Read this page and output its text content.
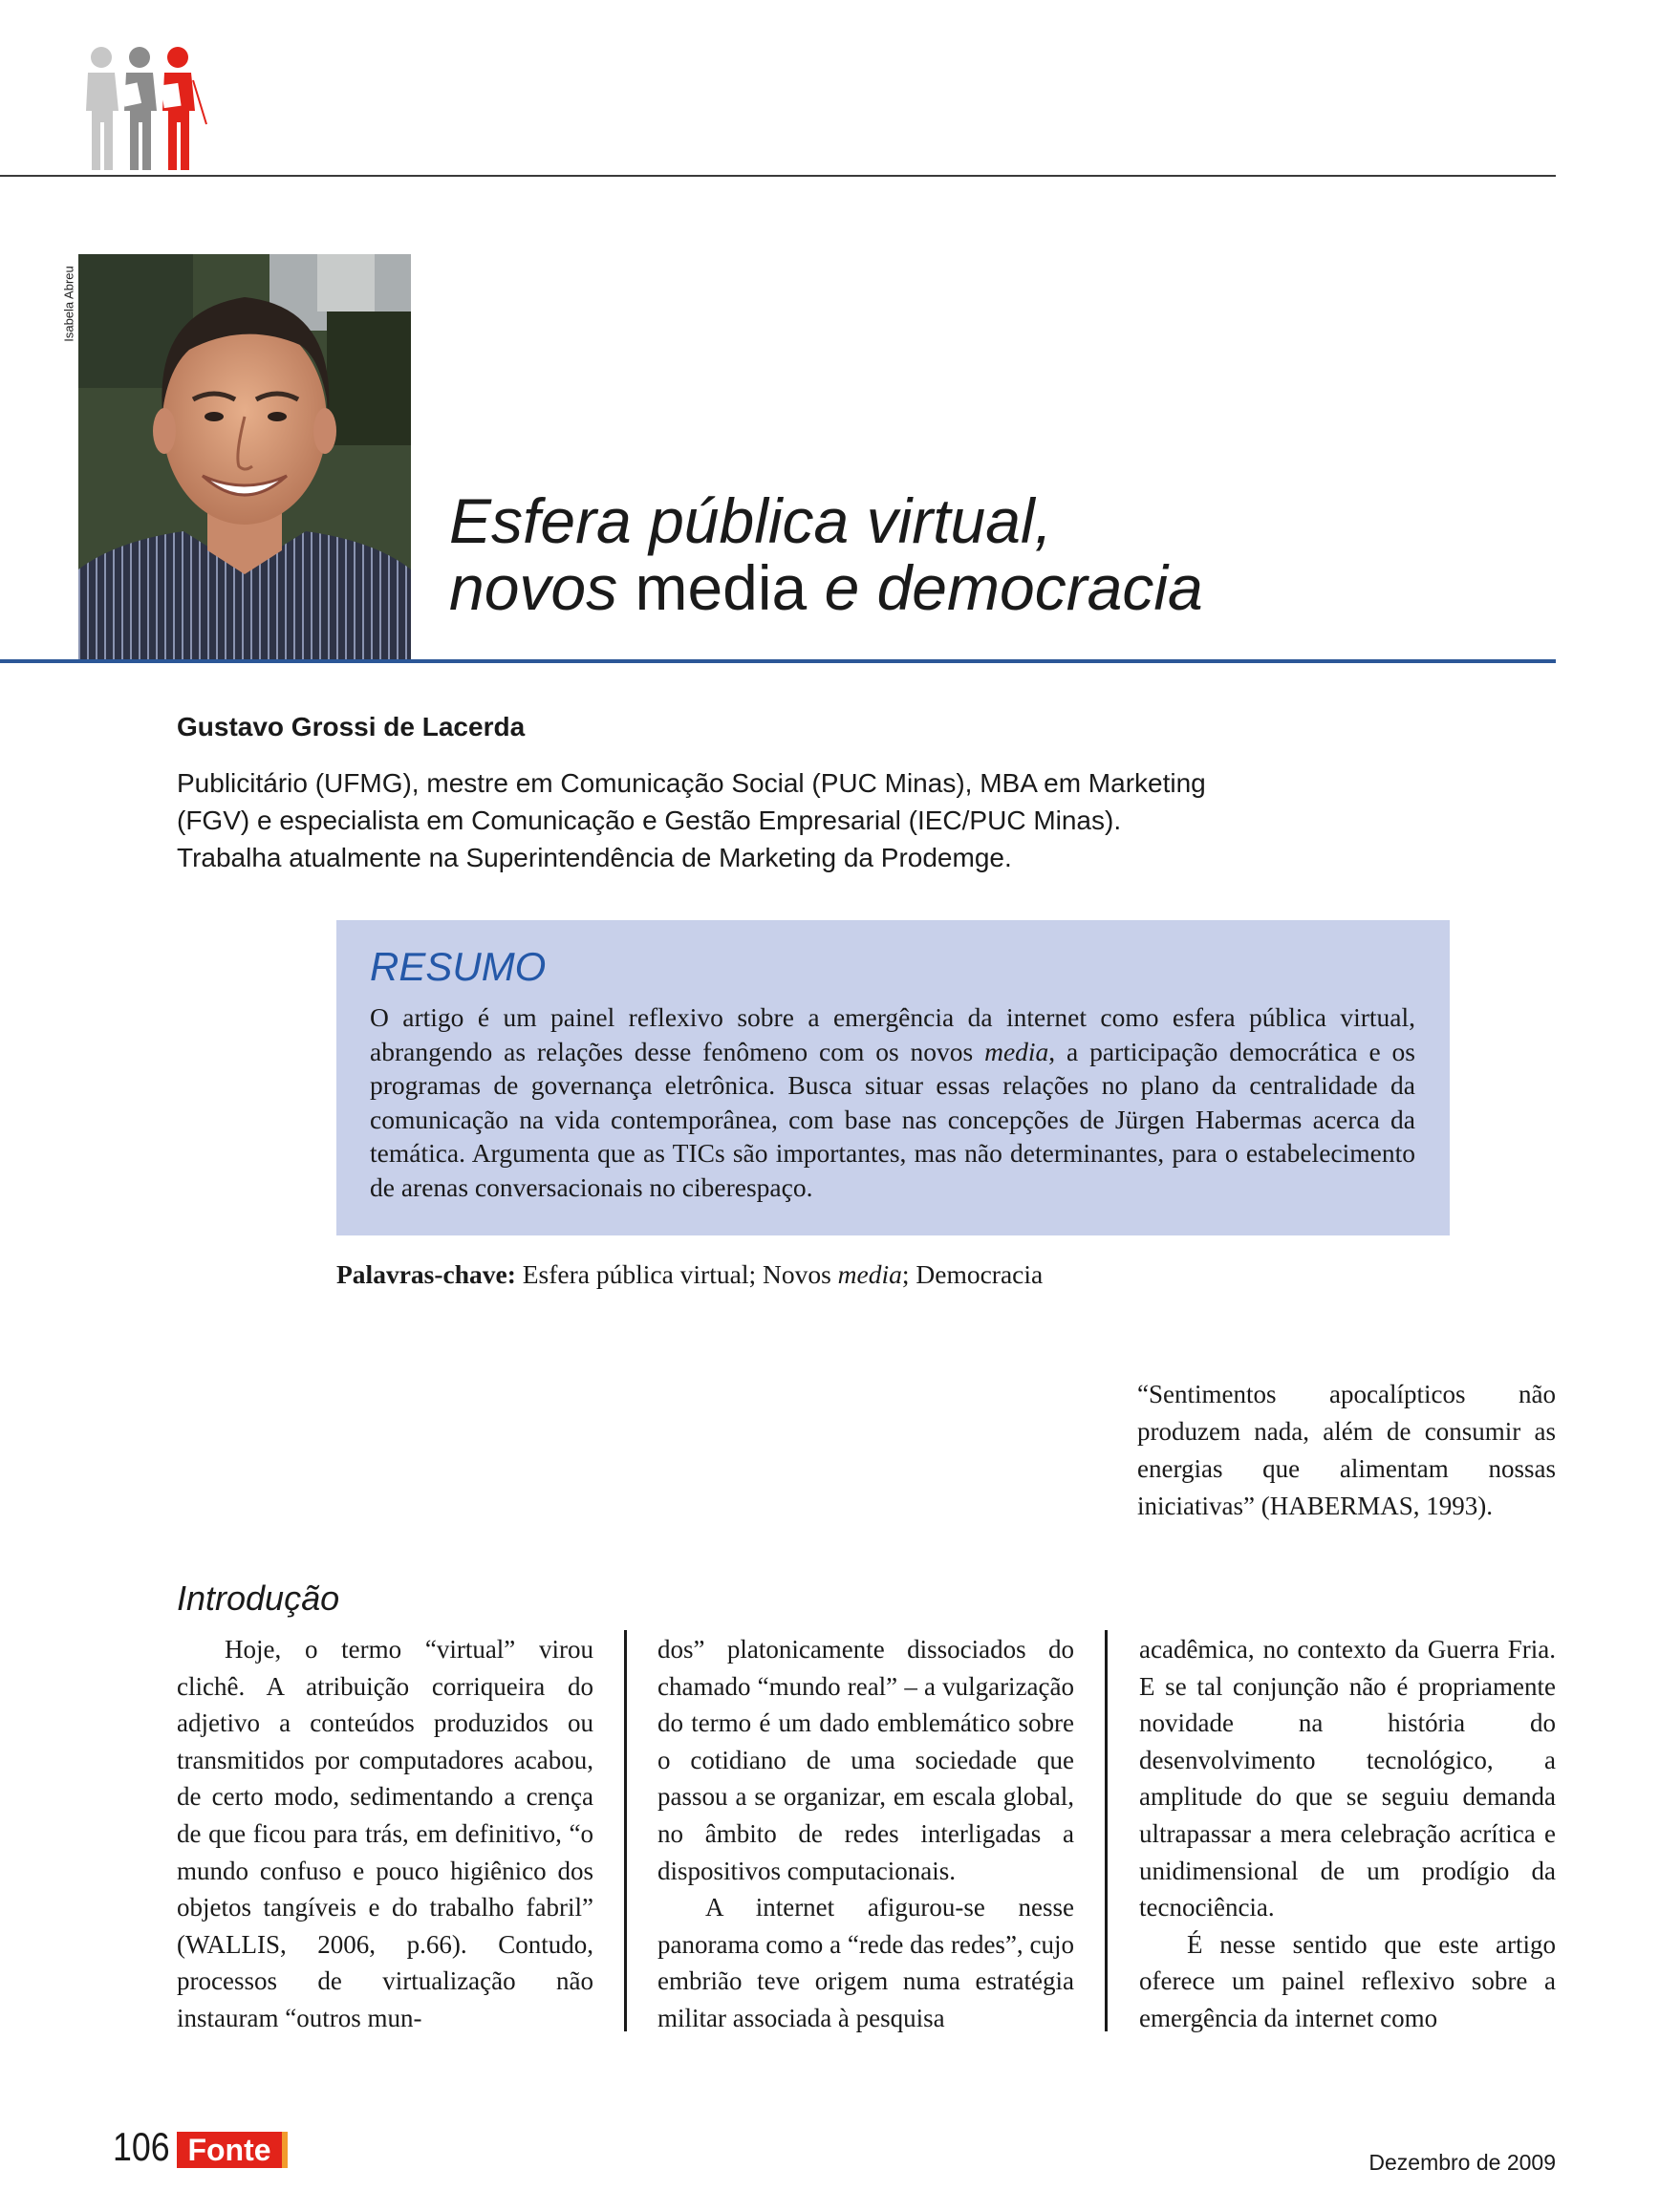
Isabela Abreu
Esfera pública virtual,
novos media e democracia
Gustavo Grossi de Lacerda
Publicitário (UFMG), mestre em Comunicação Social (PUC Minas), MBA em Marketing
(FGV) e especialista em Comunicação e Gestão Empresarial (IEC/PUC Minas).
Trabalha atualmente na Superintendência de Marketing da Prodemge.
RESUMO

O artigo é um painel reflexivo sobre a emergência da internet como esfera pública virtual, abrangendo as relações desse fenômeno com os novos media, a participação democrática e os programas de governança eletrônica. Busca situar essas relações no plano da centralidade da comunicação na vida contemporânea, com base nas concepções de Jürgen Habermas acerca da temática. Argumenta que as TICs são importantes, mas não determinantes, para o estabelecimento de arenas conversacionais no ciberespaço.

Palavras-chave: Esfera pública virtual; Novos media; Democracia
“Sentimentos apocalípticos não produzem nada, além de consumir as energias que alimentam nossas iniciativas” (HABERMAS, 1993).
Introdução

Hoje, o termo “virtual” virou clichê. A atribuição corriqueira do adjetivo a conteúdos produzidos ou transmitidos por computadores acabou, de certo modo, sedimentando a crença de que ficou para trás, em definitivo, “o mundo confuso e pouco higiênico dos objetos tangíveis e do trabalho fabril” (WALLIS, 2006, p.66). Contudo, processos de virtualização não instauram “outros mun-

dos” platonicamente dissociados do chamado “mundo real” – a vulgarização do termo é um dado emblemático sobre o cotidiano de uma sociedade que passou a se organizar, em escala global, no âmbito de redes interligadas a dispositivos computacionais.

A internet afigurou-se nesse panorama como a “rede das redes”, cujo embrião teve origem numa estratégia militar associada à pesquisa

acadêmica, no contexto da Guerra Fria. E se tal conjunção não é propriamente novidade na história do desenvolvimento tecnológico, a amplitude do que se seguiu demanda ultrapassar a mera celebração acrítica e unidimensional de um prodígio da tecnociência.

É nesse sentido que este artigo oferece um painel reflexivo sobre a emergência da internet como

106 Fonte	Dezembro de 2009
